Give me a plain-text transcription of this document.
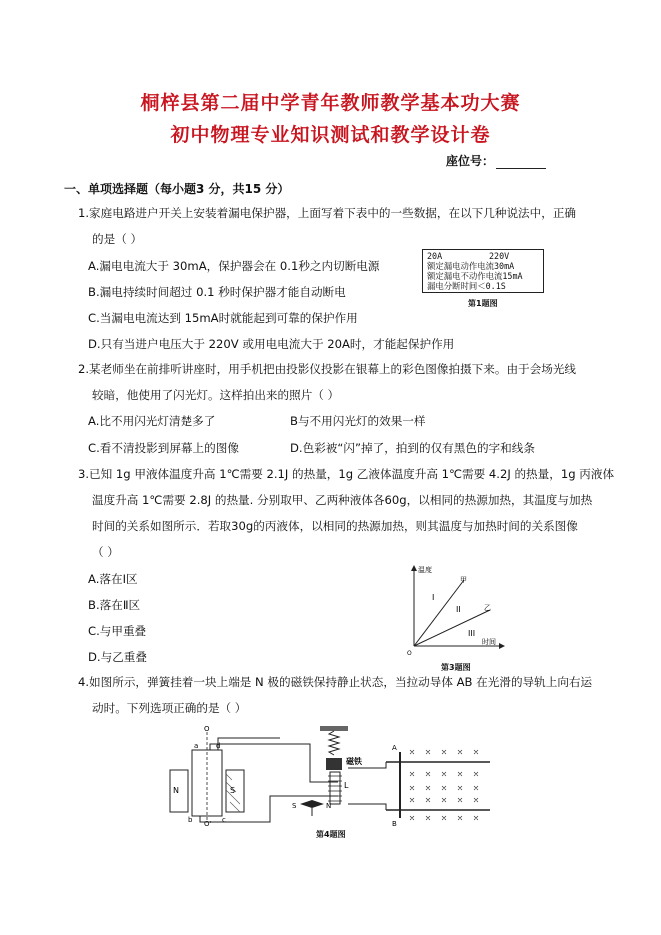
桐梓县第二届中学青年教师教学基本功大赛
初中物理专业知识测试和教学设计卷
座位号：
一、单项选择题（每小题3 分，共15 分）
1.家庭电路进户开关上安装着漏电保护器，上面写着下表中的一些数据，在以下几种说法中，正确
的是（ ）
A.漏电电流大于 30mA，保护器会在 0.1秒之内切断电源
B.漏电持续时间超过 0.1 秒时保护器才能自动断电
C.当漏电电流达到 15mA时就能起到可靠的保护作用
D.只有当进户电压大于 220V 或用电电流大于 20A时，才能起保护作用
20A	220V
额定漏电动作电流30mA
额定漏电不动作电流15mA
漏电分断时间＜0.1S
第1题图
2.某老师坐在前排听讲座时，用手机把由投影仪投影在银幕上的彩色图像拍摄下来。由于会场光线
较暗，他使用了闪光灯。这样拍出来的照片（ ）
A.比不用闪光灯清楚多了	B与不用闪光灯的效果一样
C.看不清投影到屏幕上的图像	D.色彩被“闪”掉了，拍到的仅有黑色的字和线条
3.已知 1g 甲液体温度升高 1℃需要 2.1J 的热量，1g 乙液体温度升高 1℃需要 4.2J 的热量，1g 丙液体
温度升高 1℃需要 2.8J 的热量. 分别取甲、乙两种液体各60g，以相同的热源加热，其温度与加热
时间的关系如图所示．若取30g的丙液体，以相同的热源加热，则其温度与加热时间的关系图像
（ ）
A.落在Ⅰ区
B.落在Ⅱ区
C.与甲重叠
D.与乙重叠
温度
时间
甲
乙
I
II
III
O
第3题图
4.如图所示，弹簧挂着一块上端是 N 极的磁铁保持静止状态，当拉动导体 AB 在光滑的导轨上向右运
动时。下列选项正确的是（ ）
N	S
O
O'
a	d
b	c
磁铁
L
S	N
A
B
第4题图
